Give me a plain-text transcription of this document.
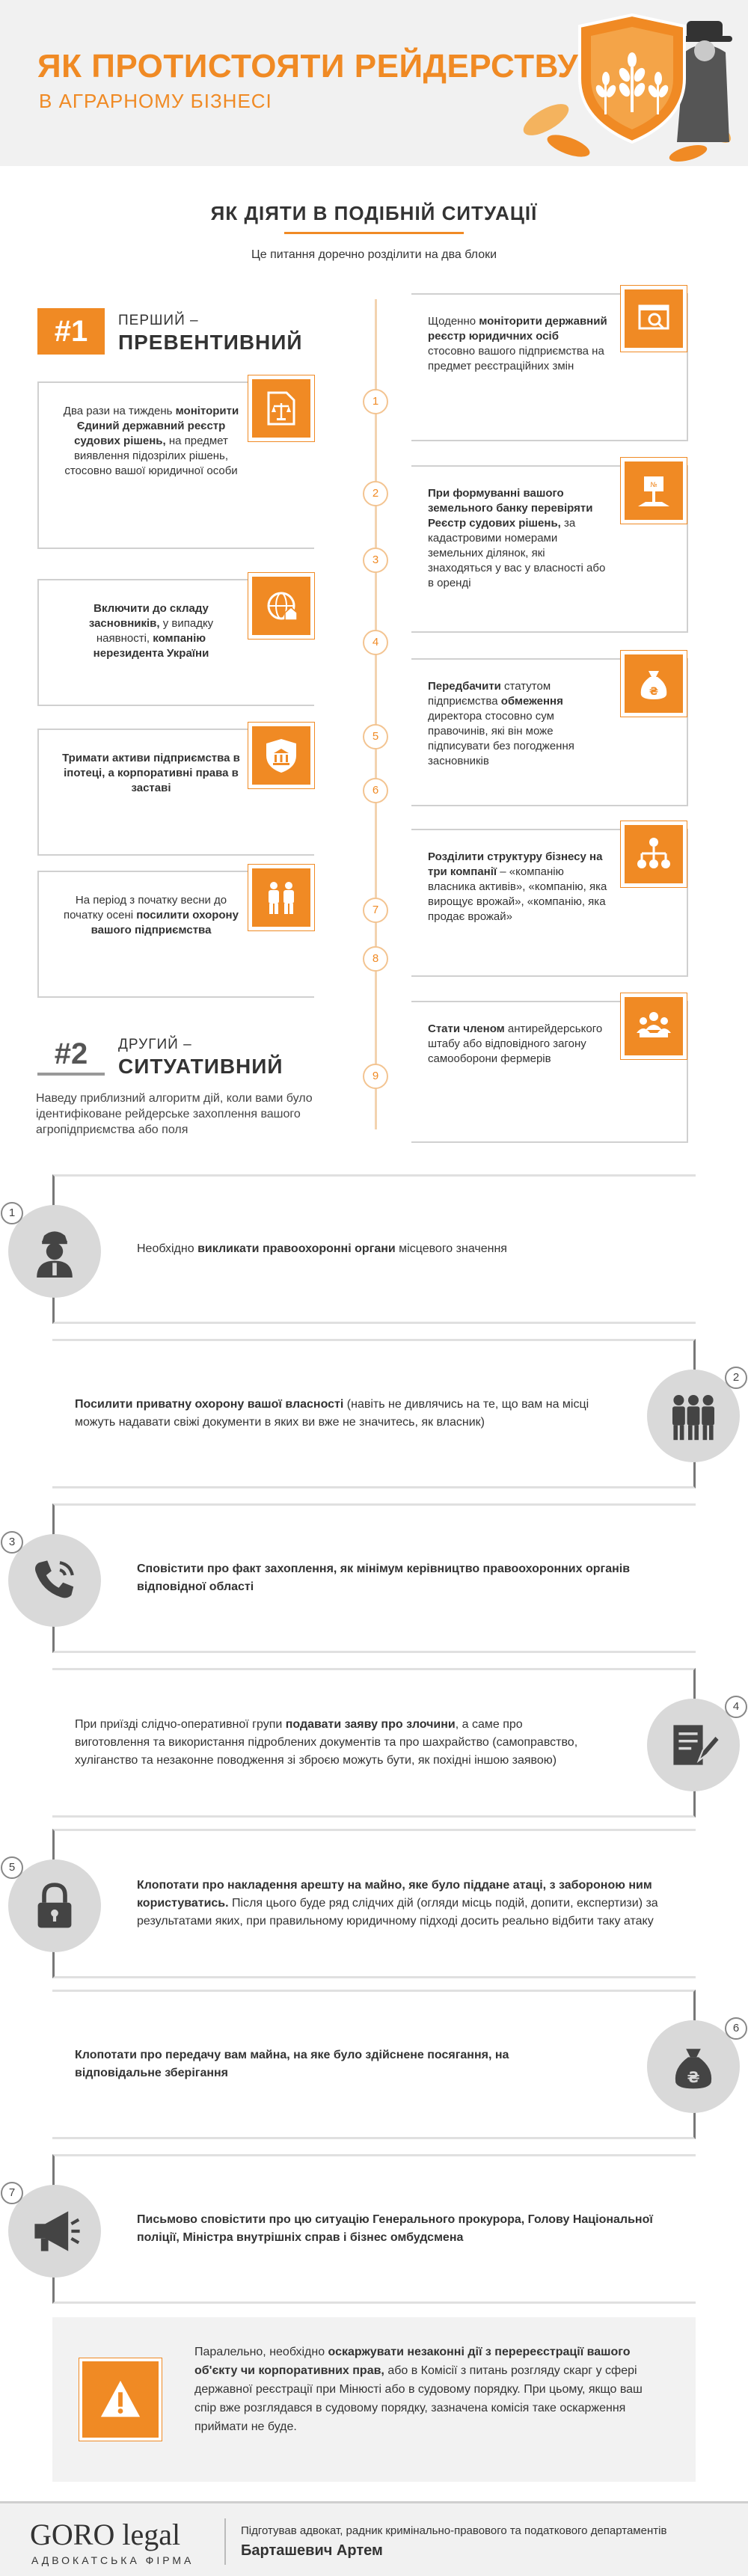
ЯК ПРОТИСТОЯТИ РЕЙДЕРСТВУ
В АГРАРНОМУ БІЗНЕСІ
ЯК ДІЯТИ В ПОДІБНІЙ СИТУАЦІЇ
Це питання доречно розділити на два блоки
#1	ПЕРШИЙ –
ПРЕВЕНТИВНИЙ
#2	ДРУГИЙ –
СИТУАТИВНИЙ
Наведу приблизний алгоритм дій, коли вами було ідентифіковане рейдерське захоплення вашого агропідприємства або поля
Щоденно моніторити державний реєстр юридичних осіб стосовно вашого підприємства на предмет реєстраційних змін
1
Два рази на тиждень моніторити Єдиний державний реєстр судових рішень, на предмет виявлення підозрілих рішень, стосовно вашої юридичної особи
2
№
При формуванні вашого земельного банку перевіряти Реєстр судових рішень, за кадастровими номерами земельних ділянок, які знаходяться у вас у власності або в оренді
3
Включити до складу засновників, у випадку наявності, компанію нерезидента України
4
₴
Передбачити статутом підприємства обмеження директора стосовно сум правочинів, які він може підписувати без погодження засновників
5
Тримати активи підприємства в іпотеці, а корпоративні права в заставі	6
Розділити структуру бізнесу на три компанії – «компанію власника активів», «компанію, яка вирощує врожай», «компанію, яка продає врожай»
7
На період з початку весни до початку осені посилити охорону вашого підприємства
8
Стати членом антирейдерського штабу або відповідного загону самооборони фермерів
9
1
Необхідно викликати правоохоронні органи місцевого значення
2
Посилити приватну охорону вашої власності (навіть не дивлячись на те, що вам на місці можуть надавати свіжі документи в яких ви вже не значитесь, як власник)
3
Сповістити про факт захоплення, як мінімум керівництво правоохоронних органів відповідної області
4
При приїзді слідчо-оперативної групи подавати заяву про злочини, а саме про виготовлення та використання підроблених документів та про шахрайство (самоправство, хуліганство та незаконне поводження зі зброєю можуть бути, як похідні іншою заявою)
5
Клопотати про накладення арешту на майно, яке було піддане атаці, з забороною ним користуватись. Після цього буде ряд слідчих дій (огляди місць подій, допити, експертизи) за результатами яких, при правильному юридичному підході досить реально відбити таку атаку
₴
6
Клопотати про передачу вам майна, на яке було здійснене посягання, на відповідальне зберігання
7
Письмово сповістити про цю ситуацію Генерального прокурора, Голову Національної поліції, Міністра внутрішніх справ і бізнес омбудсмена
Паралельно, необхідно оскаржувати незаконні дії з перереєстрації вашого об'єкту чи корпоративних прав, або в Комісії з питань розгляду скарг у сфері державної реєстрації при Мінюсті або в судовому порядку. При цьому, якщо ваш спір вже розглядався в судовому порядку, зазначена комісія таке оскарження приймати не буде.
GORO legal
АДВОКАТСЬКА ФІРМА
Підготував адвокат, радник кримінально-правового та податкового департаментів
Барташевич Артем
